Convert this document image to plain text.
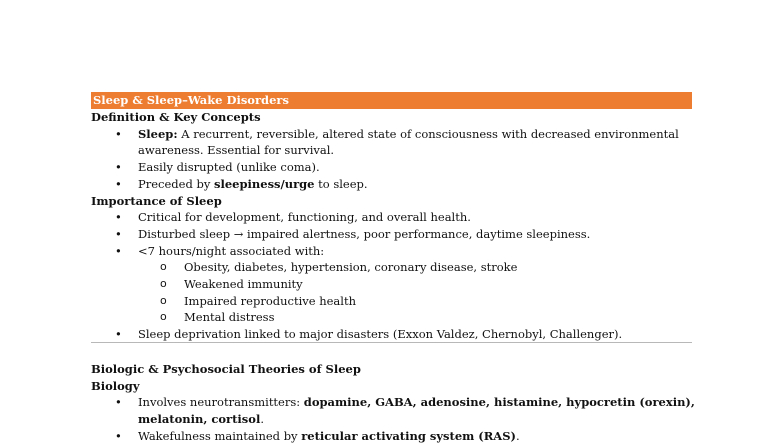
Sleep & Sleep–Wake Disorders
Definition & Key Concepts
• Sleep: A recurrent, reversible, altered state of consciousness with decreased environmental awareness. Essential for survival.
• Easily disrupted (unlike coma).
• Preceded by sleepiness/urge to sleep.
Importance of Sleep
• Critical for development, functioning, and overall health.
• Disturbed sleep → impaired alertness, poor performance, daytime sleepiness.
• <7 hours/night associated with:
o Obesity, diabetes, hypertension, coronary disease, stroke
o Weakened immunity
o Impaired reproductive health
o Mental distress
• Sleep deprivation linked to major disasters (Exxon Valdez, Chernobyl, Challenger).
Biologic & Psychosocial Theories of Sleep
Biology
• Involves neurotransmitters: dopamine, GABA, adenosine, histamine, hypocretin (orexin), melatonin, cortisol.
• Wakefulness maintained by reticular activating system (RAS).
